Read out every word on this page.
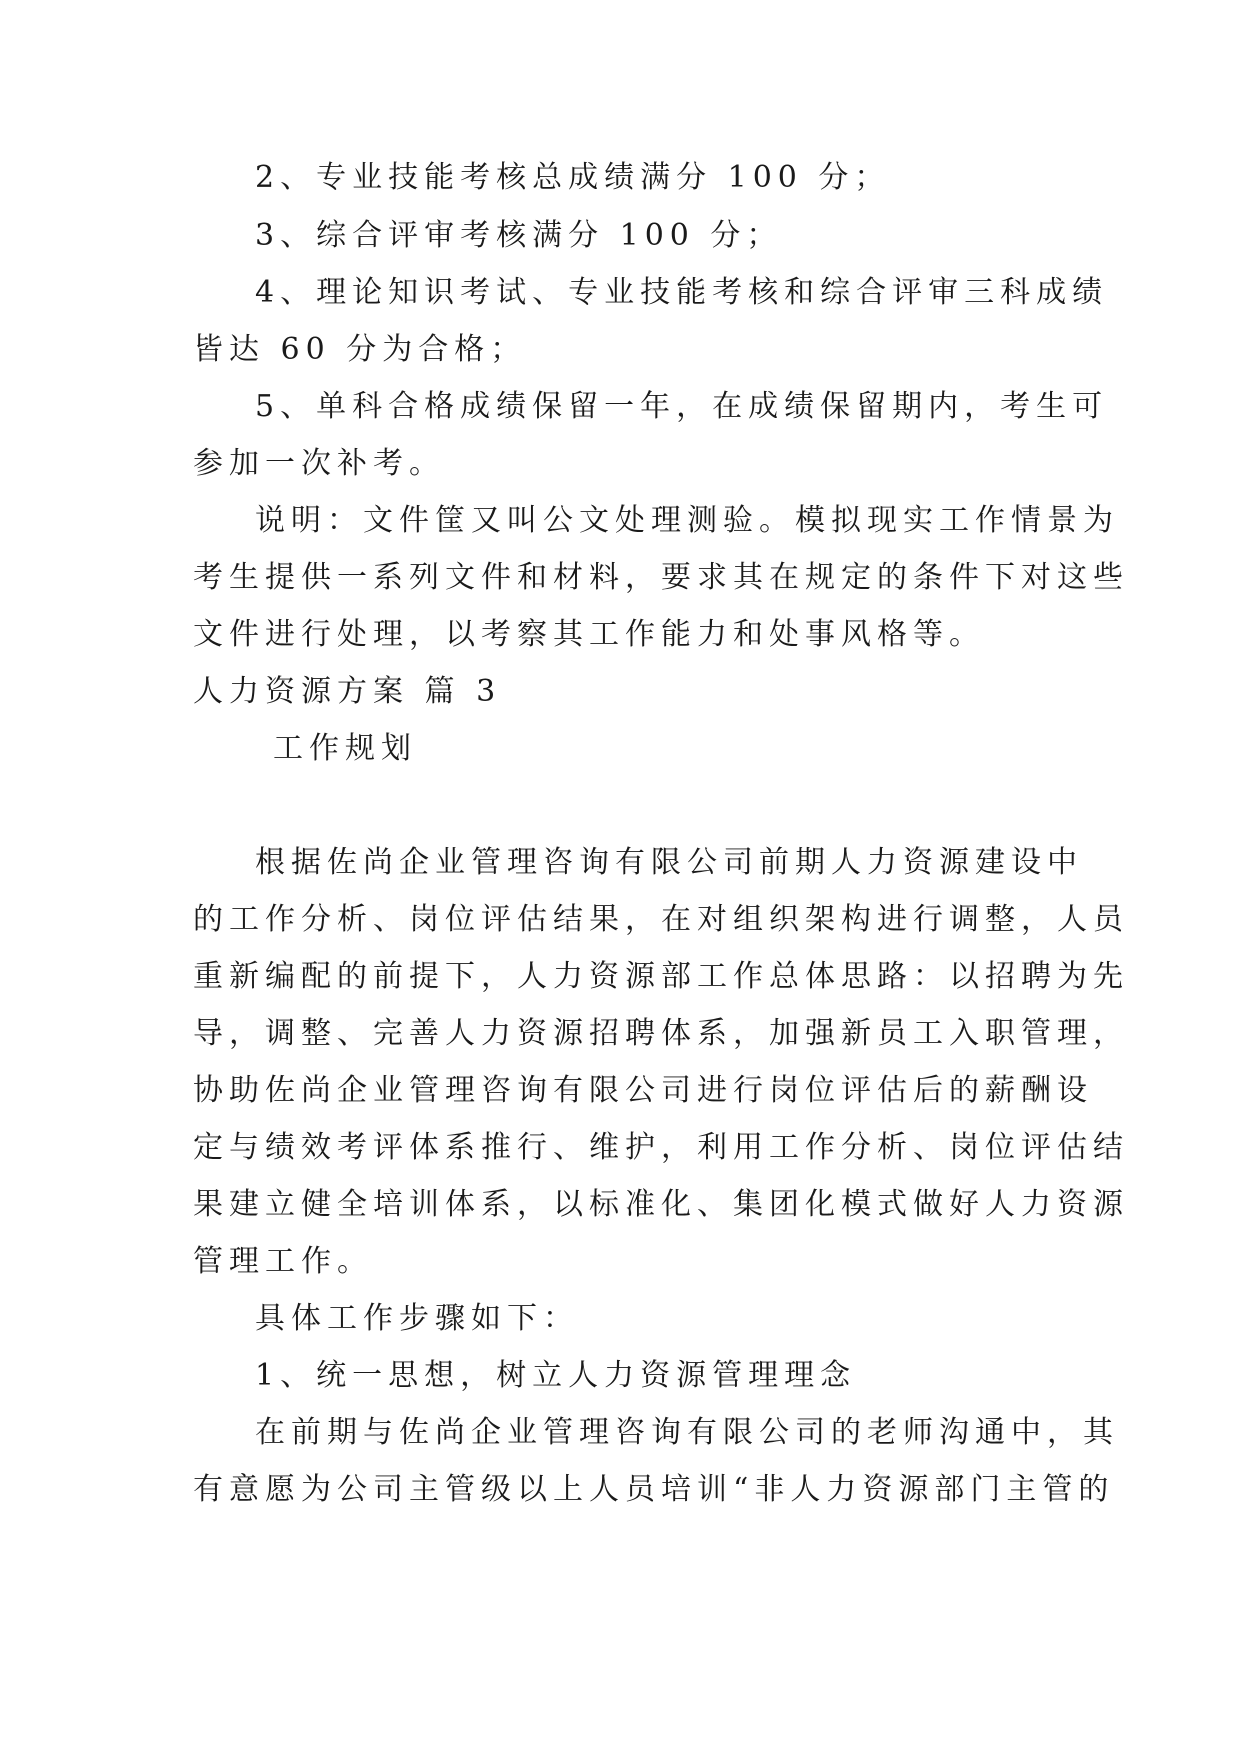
2、专业技能考核总成绩满分 100 分；
3、综合评审考核满分 100 分；
4、理论知识考试、专业技能考核和综合评审三科成绩
皆达 60 分为合格；
5、单科合格成绩保留一年，在成绩保留期内，考生可
参加一次补考。
说明：文件筐又叫公文处理测验。模拟现实工作情景为
考生提供一系列文件和材料，要求其在规定的条件下对这些
文件进行处理，以考察其工作能力和处事风格等。
人力资源方案 篇 3
工作规划
根据佐尚企业管理咨询有限公司前期人力资源建设中
的工作分析、岗位评估结果，在对组织架构进行调整，人员
重新编配的前提下，人力资源部工作总体思路：以招聘为先
导，调整、完善人力资源招聘体系，加强新员工入职管理，
协助佐尚企业管理咨询有限公司进行岗位评估后的薪酬设
定与绩效考评体系推行、维护，利用工作分析、岗位评估结
果建立健全培训体系，以标准化、集团化模式做好人力资源
管理工作。
具体工作步骤如下：
1、统一思想，树立人力资源管理理念
在前期与佐尚企业管理咨询有限公司的老师沟通中，其
有意愿为公司主管级以上人员培训“非人力资源部门主管的
